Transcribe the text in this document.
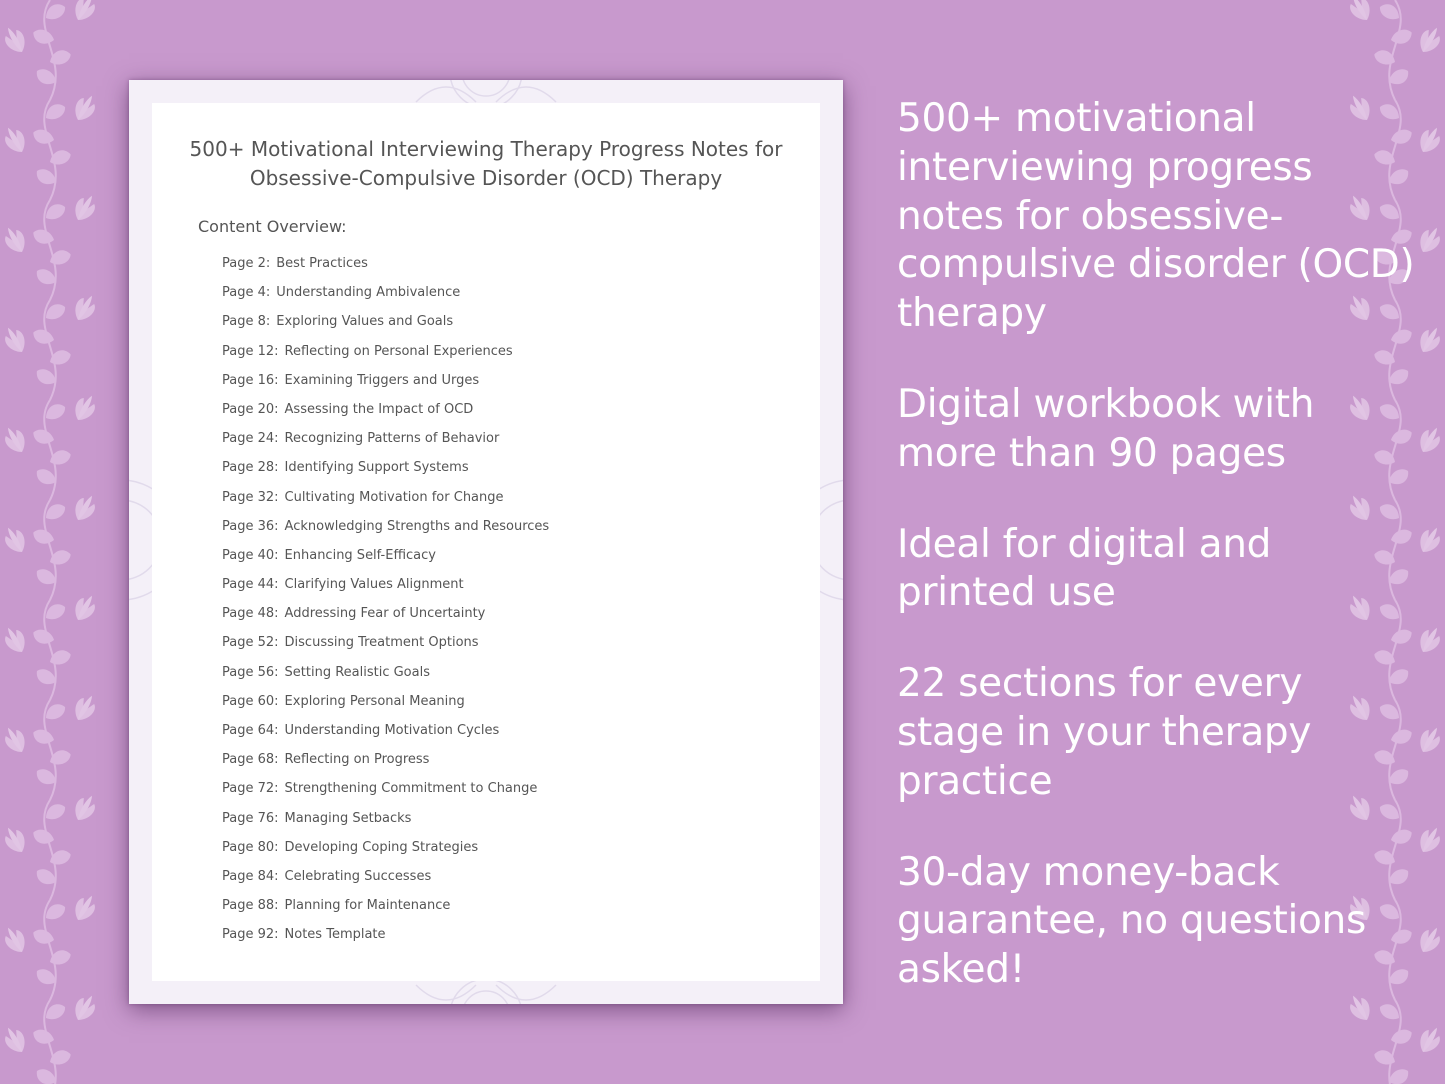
500+ Motivational Interviewing Therapy Progress Notes for
Obsessive-Compulsive Disorder (OCD) Therapy

Content Overview:

Page 2: Best Practices
Page 4: Understanding Ambivalence
Page 8: Exploring Values and Goals
Page 12: Reflecting on Personal Experiences
Page 16: Examining Triggers and Urges
Page 20: Assessing the Impact of OCD
Page 24: Recognizing Patterns of Behavior
Page 28: Identifying Support Systems
Page 32: Cultivating Motivation for Change
Page 36: Acknowledging Strengths and Resources
Page 40: Enhancing Self-Efficacy
Page 44: Clarifying Values Alignment
Page 48: Addressing Fear of Uncertainty
Page 52: Discussing Treatment Options
Page 56: Setting Realistic Goals
Page 60: Exploring Personal Meaning
Page 64: Understanding Motivation Cycles
Page 68: Reflecting on Progress
Page 72: Strengthening Commitment to Change
Page 76: Managing Setbacks
Page 80: Developing Coping Strategies
Page 84: Celebrating Successes
Page 88: Planning for Maintenance
Page 92: Notes Template
500+ motivational interviewing progress notes for obsessive-compulsive disorder (OCD) therapy
Digital workbook with more than 90 pages
Ideal for digital and printed use
22 sections for every stage in your therapy practice
30-day money-back guarantee, no questions asked!
